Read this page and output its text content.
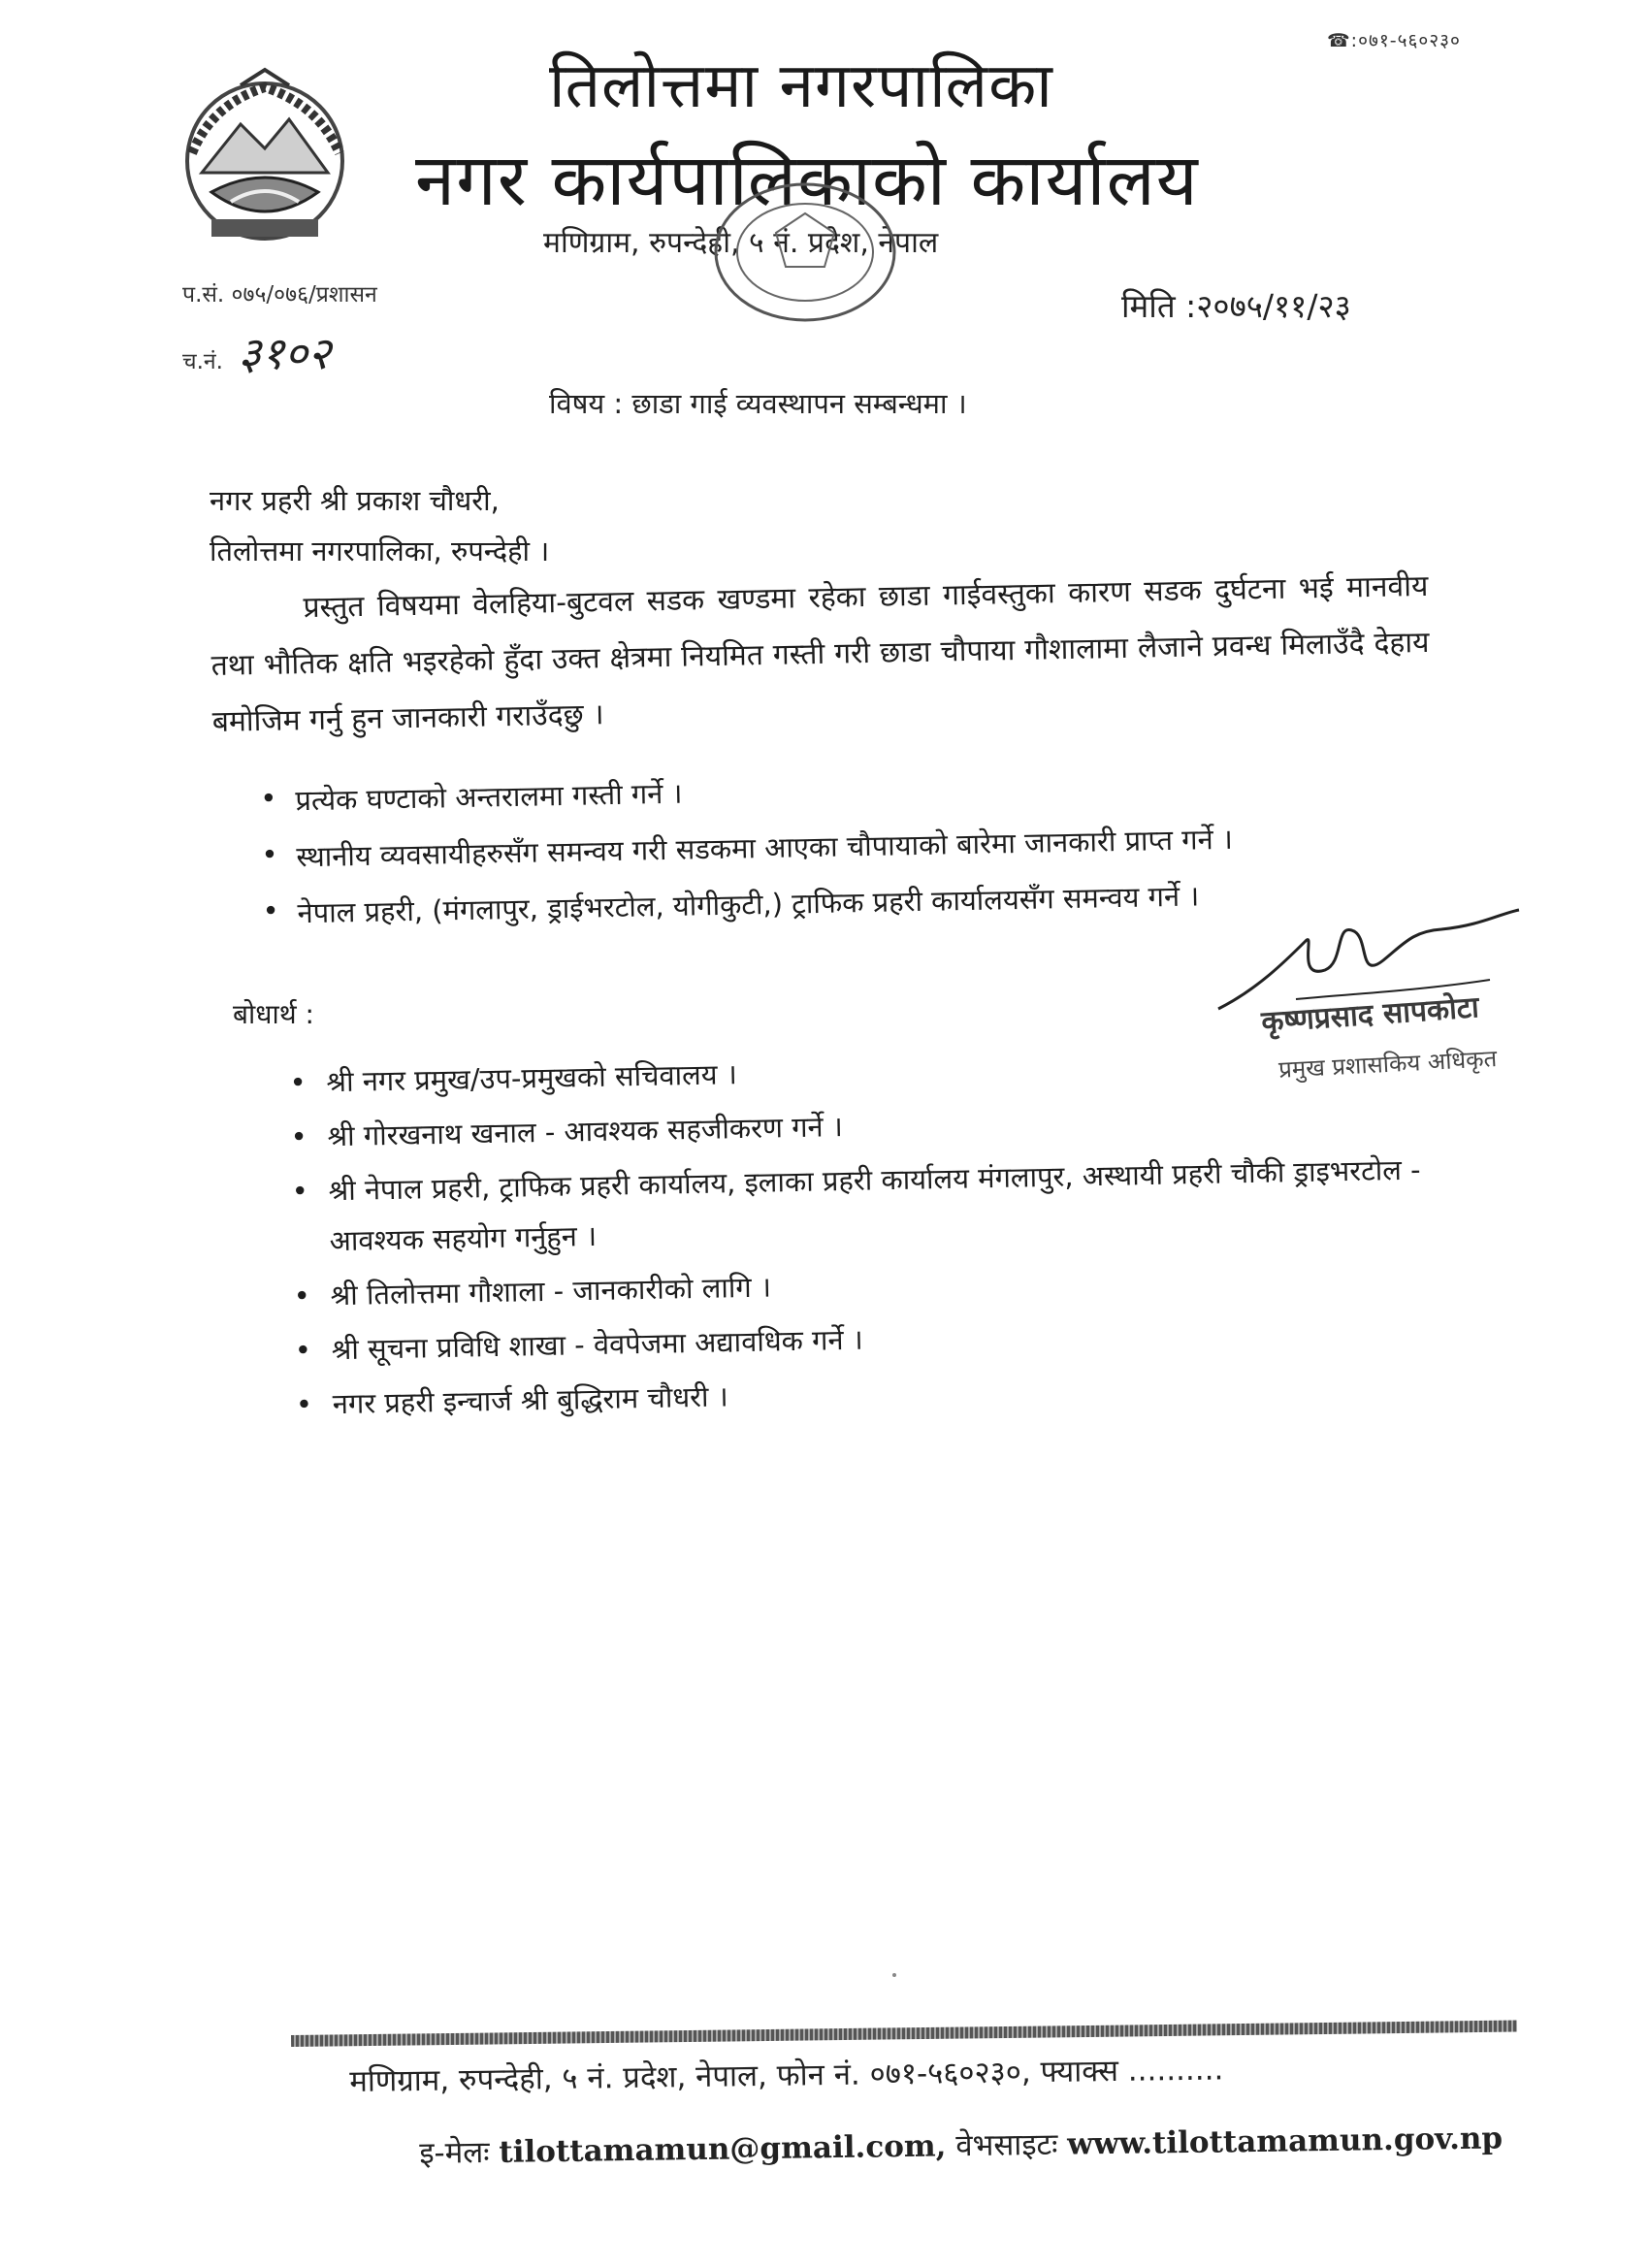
☎:०७१-५६०२३०
तिलोत्तमा नगरपालिका
नगर कार्यपालिकाको कार्यालय
मणिग्राम, रुपन्देही, ५ नं. प्रदेश, नेपाल
प.सं. ०७५/०७६/प्रशासन
च.नं. ३१०२
मिति :२०७५/११/२३
विषय : छाडा गाई व्यवस्थापन सम्बन्धमा ।
नगर प्रहरी श्री प्रकाश चौधरी,
तिलोत्तमा नगरपालिका, रुपन्देही ।
प्रस्तुत विषयमा वेलहिया-बुटवल सडक खण्डमा रहेका छाडा गाईवस्तुका कारण सडक दुर्घटना भई मानवीय तथा भौतिक क्षति भइरहेको हुँदा उक्त क्षेत्रमा नियमित गस्ती गरी छाडा चौपाया गौशालामा लैजाने प्रवन्ध मिलाउँदै देहाय बमोजिम गर्नु हुन जानकारी गराउँदछु ।
• प्रत्येक घण्टाको अन्तरालमा गस्ती गर्ने ।
• स्थानीय व्यवसायीहरुसँग समन्वय गरी सडकमा आएका चौपायाको बारेमा जानकारी प्राप्त गर्ने ।
• नेपाल प्रहरी, (मंगलापुर, ड्राईभरटोल, योगीकुटी,) ट्राफिक प्रहरी कार्यालयसँग समन्वय गर्ने ।
कृष्णप्रसाद सापकोटा
प्रमुख प्रशासकिय अधिकृत
बोधार्थ :
• श्री नगर प्रमुख/उप-प्रमुखको सचिवालय ।
• श्री गोरखनाथ खनाल - आवश्यक सहजीकरण गर्ने ।
• श्री नेपाल प्रहरी, ट्राफिक प्रहरी कार्यालय, इलाका प्रहरी कार्यालय मंगलापुर, अस्थायी प्रहरी चौकी ड्राइभरटोल - आवश्यक सहयोग गर्नुहुन ।
• श्री तिलोत्तमा गौशाला - जानकारीको लागि ।
• श्री सूचना प्रविधि शाखा - वेवपेजमा अद्यावधिक गर्ने ।
• नगर प्रहरी इन्चार्ज श्री बुद्धिराम चौधरी ।
मणिग्राम, रुपन्देही, ५ नं. प्रदेश, नेपाल, फोन नं. ०७१-५६०२३०, फ्याक्स ..........
इ-मेलः tilottamamun@gmail.com, वेभसाइटः www.tilottamamun.gov.np
